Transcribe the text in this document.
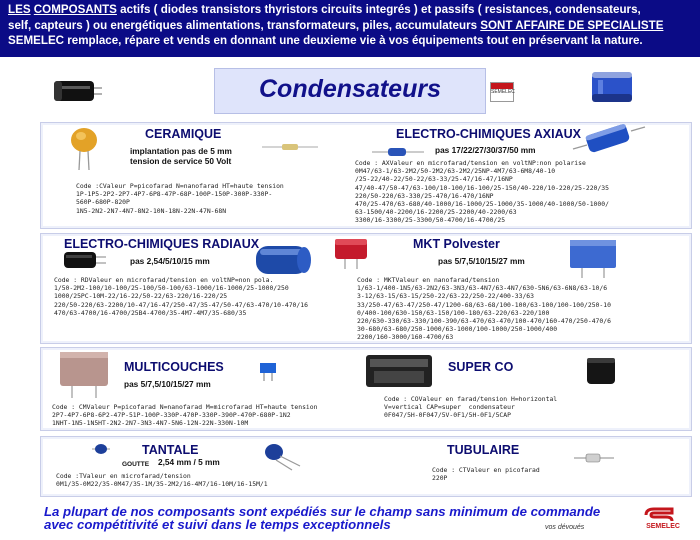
LES COMPOSANTS actifs ( diodes transistors thyristors circuits integrés ) et passifs ( resistances, condensateurs,
self, capteurs ) ou energétiques alimentations, transformateurs, piles, accumulateurs SONT AFFAIRE DE SPECIALISTE
SEMELEC remplace, répare et vends en donnant une deuxieme vie à vos équipements tout en préservant la nature.
Condensateurs	SEMELEC
CERAMIQUE
implantation pas de 5 mm
tension de service 50 Volt
Code :CValeur P=picofarad N=nanofarad HT=haute tension
1P-1P5-2P2-2P7-4P7-6P8-47P-68P-100P-150P-300P-330P-
560P-680P-820P
1N5-2N2-2N7-4N7-8N2-10N-18N-22N-47N-68N
ELECTRO-CHIMIQUES AXIAUX
pas 17/22/27/30/37/50 mm
Code : AXValeur en microfarad/tension en voltNP:non polarise
0M47/63-1/63-2M2/50-2M2/63-2M2/25NP-4M7/63-6M8/40-10
/25-22/40-22/50-22/63-33/25-47/16-47/16NP
47/40-47/50-47/63-100/10-100/16-100/25-150/40-220/10-220/25-220/35
220/50-220/63-330/25-470/16-470/16NP
470/25-470/63-680/40-1000/16-1000/25-1000/35-1000/40-1000/50-1000/
63-1500/40-2200/16-2200/25-2200/40-2200/63
3300/16-3300/25-3300/50-4700/16-4700/25
ELECTRO-CHIMIQUES RADIAUX
pas 2,54/5/10/15 mm
Code : RDValeur en microfarad/tension en voltNP=non pola.
1/50-2M2-100/10-100/25-100/50-100/63-1000/16-1000/25-1000/250
1000/25PC-10M-22/16-22/50-22/63-220/16-220/25
220/50-220/63-2200/10-47/16-47/250-47/35-47/50-47/63-470/10-470/16
470/63-4700/16-4700/25B4-4700/35-4M7-4M7/35-680/35
MKT Polvester
pas 5/7,5/10/15/27 mm
Code : MKTValeur en nanofarad/tension
1/63-1/400-1N5/63-2N2/63-3N3/63-4N7/63-4N7/630-5N6/63-6N8/63-10/6
3-12/63-15/63-15/250-22/63-22/250-22/400-33/63
33/250-47/63-47/250-47/1200-68/63-68/100-100/63-100/100-100/250-10
0/400-100/630-150/63-150/100-180/63-220/63-220/100
220/630-330/63-330/100-390/63-470/63-470/100-470/160-470/250-470/6
30-680/63-680/250-1000/63-1000/100-1000/250-1000/400
2200/160-3000/160-4700/63
MULTICOUCHES
pas 5/7,5/10/15/27 mm
Code : CMValeur P=picofarad N=nanofarad M=microfarad HT=haute tension
2P7-4P7-6P8-6P2-47P-51P-100P-330P-470P-330P-390P-470P-680P-1N2
1NHT-1N5-1N5HT-2N2-2N7-3N3-4N7-5N6-12N-22N-330N-10M
SUPER CO
Code : COValeur en farad/tension H=horizontal
V=vertical CAP=super  condensateur
0F047/5H-0F047/5V-0F1/5H-0F1/5CAP
TANTALE
GOUTTE 2,54 mm / 5 mm
Code :TValeur en microfarad/tension
0M1/35-0M22/35-0M47/35-1M/35-2M2/16-4M7/16-10M/16-15M/1
TUBULAIRE
Code : CTValeur en picofarad
220P
La plupart de nos composants sont expédiés sur le champ sans minimum de commande
avec compétitivité et suivi dans le temps exceptionnels	vos dévoués	SEMELEC
